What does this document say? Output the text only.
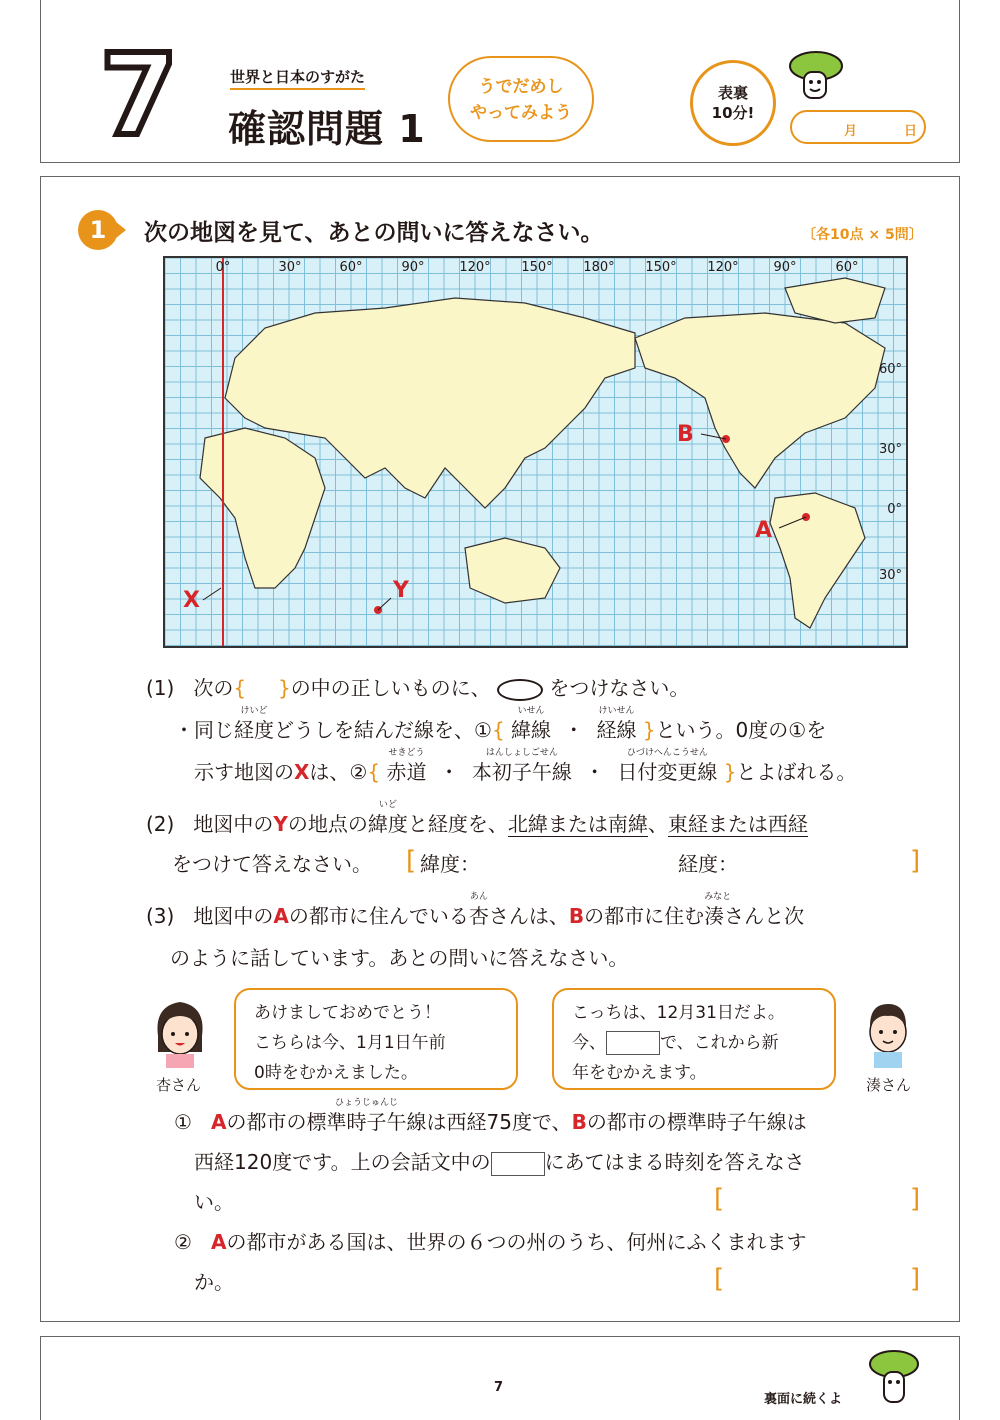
7	世界と日本のすがた
確認問題 1
うでだめし
やってみよう
表裏
10分!
月	日
1	次の地図を見て、あとの問いに答えなさい。	〔各10点 × 5問〕
0°	30°	60°	90°	120° 150° 180° 150° 120°	90°	60°
60°
30°
0°
30°
B
A
X	Y
(1) 次の{ }の中の正しいものに、	をつけなさい。
・同じ
けいど
経度どうしを結んだ線を、①{
いせん
緯線 ・
けいせん
経線 }という。0度の①を
示す地図のXは、②{
せきどう
赤道 ・
はんしょしごせん
本初子午線 ・
ひづけへんこうせん
日付変更線 }とよばれる。
(2) 地図中のYの地点の
いど
緯度と経度を、北緯または南緯、東経または西経
をつけて答えなさい。 [ 緯度：	経度：	]
(3) 地図中のAの都市に住んでいる
あん
杏さんは、Bの都市に住む
みなと
湊さんと次
のように話しています。あとの問いに答えなさい。
杏さん
あけましておめでとう！
こちらは今、1月1日午前
0時をむかえました。
こっちは、12月31日だよ。
今、	で、これから新
年をむかえます。
湊さん
① Aの都市の
ひょうじゅんじ
標準時子午線は西経75度で、Bの都市の標準時子午線は
西経120度です。上の会話文中の	にあてはまる時刻を答えなさ
い。	[	]
② Aの都市がある国は、世界の６つの州のうち、何州にふくまれます
か。	[	]
7
裏面に続くよ
